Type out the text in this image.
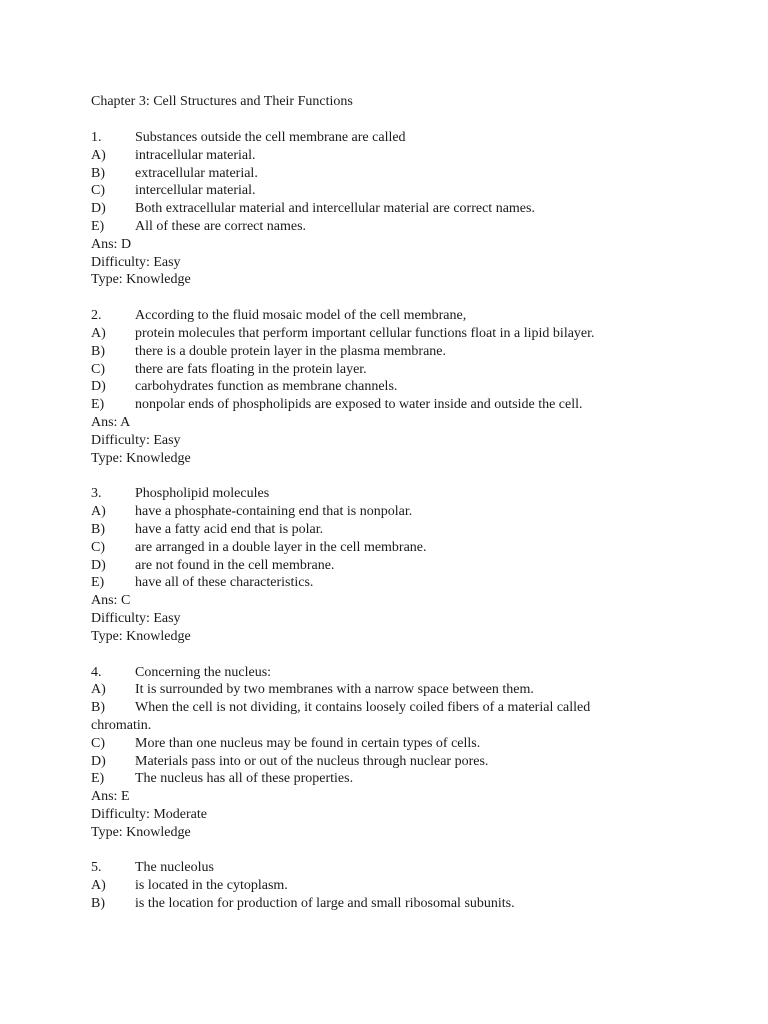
Chapter 3: Cell Structures and Their Functions
1.	Substances outside the cell membrane are called
A)	intracellular material.
B)	extracellular material.
C)	intercellular material.
D)	Both extracellular material and intercellular material are correct names.
E)	All of these are correct names.
Ans: D
Difficulty: Easy
Type: Knowledge
2.	According to the fluid mosaic model of the cell membrane,
A)	protein molecules that perform important cellular functions float in a lipid bilayer.
B)	there is a double protein layer in the plasma membrane.
C)	there are fats floating in the protein layer.
D)	carbohydrates function as membrane channels.
E)	nonpolar ends of phospholipids are exposed to water inside and outside the cell.
Ans: A
Difficulty: Easy
Type: Knowledge
3.	Phospholipid molecules
A)	have a phosphate-containing end that is nonpolar.
B)	have a fatty acid end that is polar.
C)	are arranged in a double layer in the cell membrane.
D)	are not found in the cell membrane.
E)	have all of these characteristics.
Ans: C
Difficulty: Easy
Type: Knowledge
4.	Concerning the nucleus:
A)	It is surrounded by two membranes with a narrow space between them.
B)	When the cell is not dividing, it contains loosely coiled fibers of a material called
chromatin.
C)	More than one nucleus may be found in certain types of cells.
D)	Materials pass into or out of the nucleus through nuclear pores.
E)	The nucleus has all of these properties.
Ans: E
Difficulty: Moderate
Type: Knowledge
5.	The nucleolus
A)	is located in the cytoplasm.
B)	is the location for production of large and small ribosomal subunits.
